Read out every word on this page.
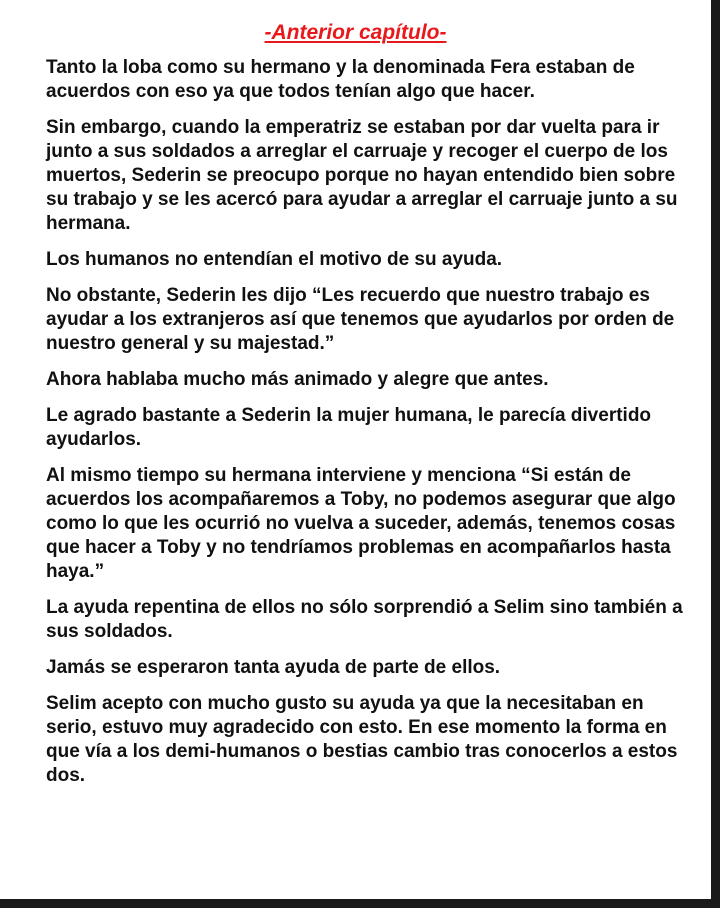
-Anterior capítulo-

Tanto la loba como su hermano y la denominada Fera estaban de acuerdos con eso ya que todos tenían algo que hacer.

Sin embargo, cuando la emperatriz se estaban por dar vuelta para ir junto a sus soldados a arreglar el carruaje y recoger el cuerpo de los muertos, Sederin se preocupo porque no hayan entendido bien sobre su trabajo y se les acercó para ayudar a arreglar el carruaje junto a su hermana.

Los humanos no entendían el motivo de su ayuda.

No obstante, Sederin les dijo “Les recuerdo que nuestro trabajo es ayudar a los extranjeros así que tenemos que ayudarlos por orden de nuestro general y su majestad.”

Ahora hablaba mucho más animado y alegre que antes.

Le agrado bastante a Sederin la mujer humana, le parecía divertido ayudarlos.

Al mismo tiempo su hermana interviene y menciona “Si están de acuerdos los acompañaremos a Toby, no podemos asegurar que algo como lo que les ocurrió no vuelva a suceder, además, tenemos cosas que hacer a Toby y no tendríamos problemas en acompañarlos hasta haya.”

La ayuda repentina de ellos no sólo sorprendió a Selim sino también a sus soldados.

Jamás se esperaron tanta ayuda de parte de ellos.

Selim acepto con mucho gusto su ayuda ya que la necesitaban en serio, estuvo muy agradecido con esto. En ese momento la forma en que vía a los demi-humanos o bestias cambio tras conocerlos a estos dos.
